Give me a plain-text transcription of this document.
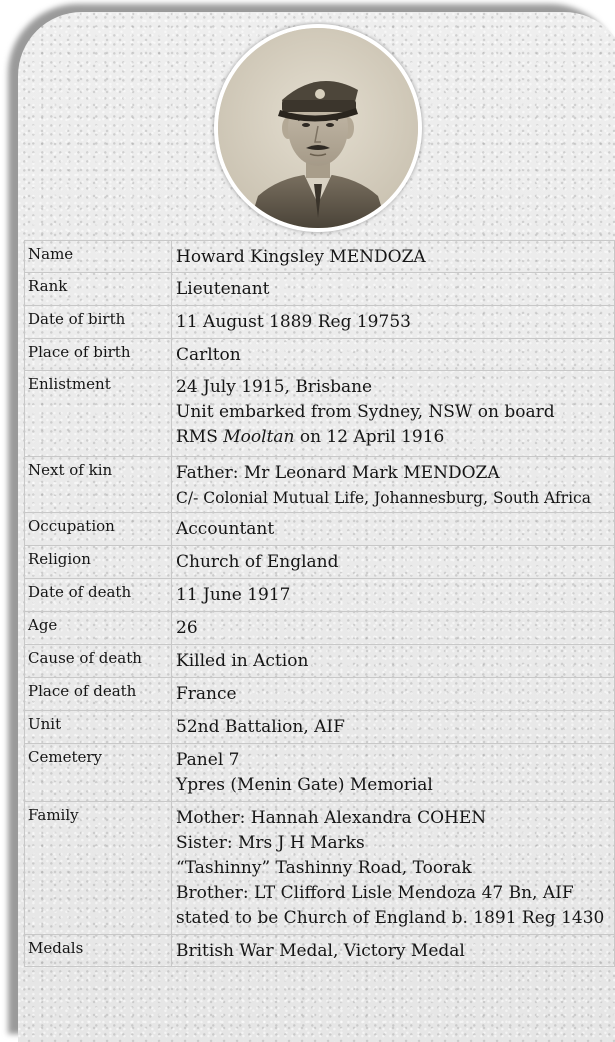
Name	Howard Kingsley MENDOZA
Rank	Lieutenant
Date of birth	11 August 1889 Reg 19753
Place of birth	Carlton
Enlistment	24 July 1915, Brisbane
Unit embarked from Sydney, NSW on board
RMS Mooltan on 12 April 1916

Next of kin	Father: Mr Leonard Mark MENDOZA
C/- Colonial Mutual Life, Johannesburg, South Africa

Occupation	Accountant
Religion	Church of England
Date of death	11 June 1917
Age	26
Cause of death	Killed in Action
Place of death	France
Unit	52nd Battalion, AIF
Cemetery	Panel 7
Ypres (Menin Gate) Memorial

Family	Mother: Hannah Alexandra COHEN
Sister: Mrs J H Marks
“Tashinny” Tashinny Road, Toorak
Brother: LT Clifford Lisle Mendoza 47 Bn, AIF
stated to be Church of England b. 1891 Reg 1430

Medals	British War Medal, Victory Medal
